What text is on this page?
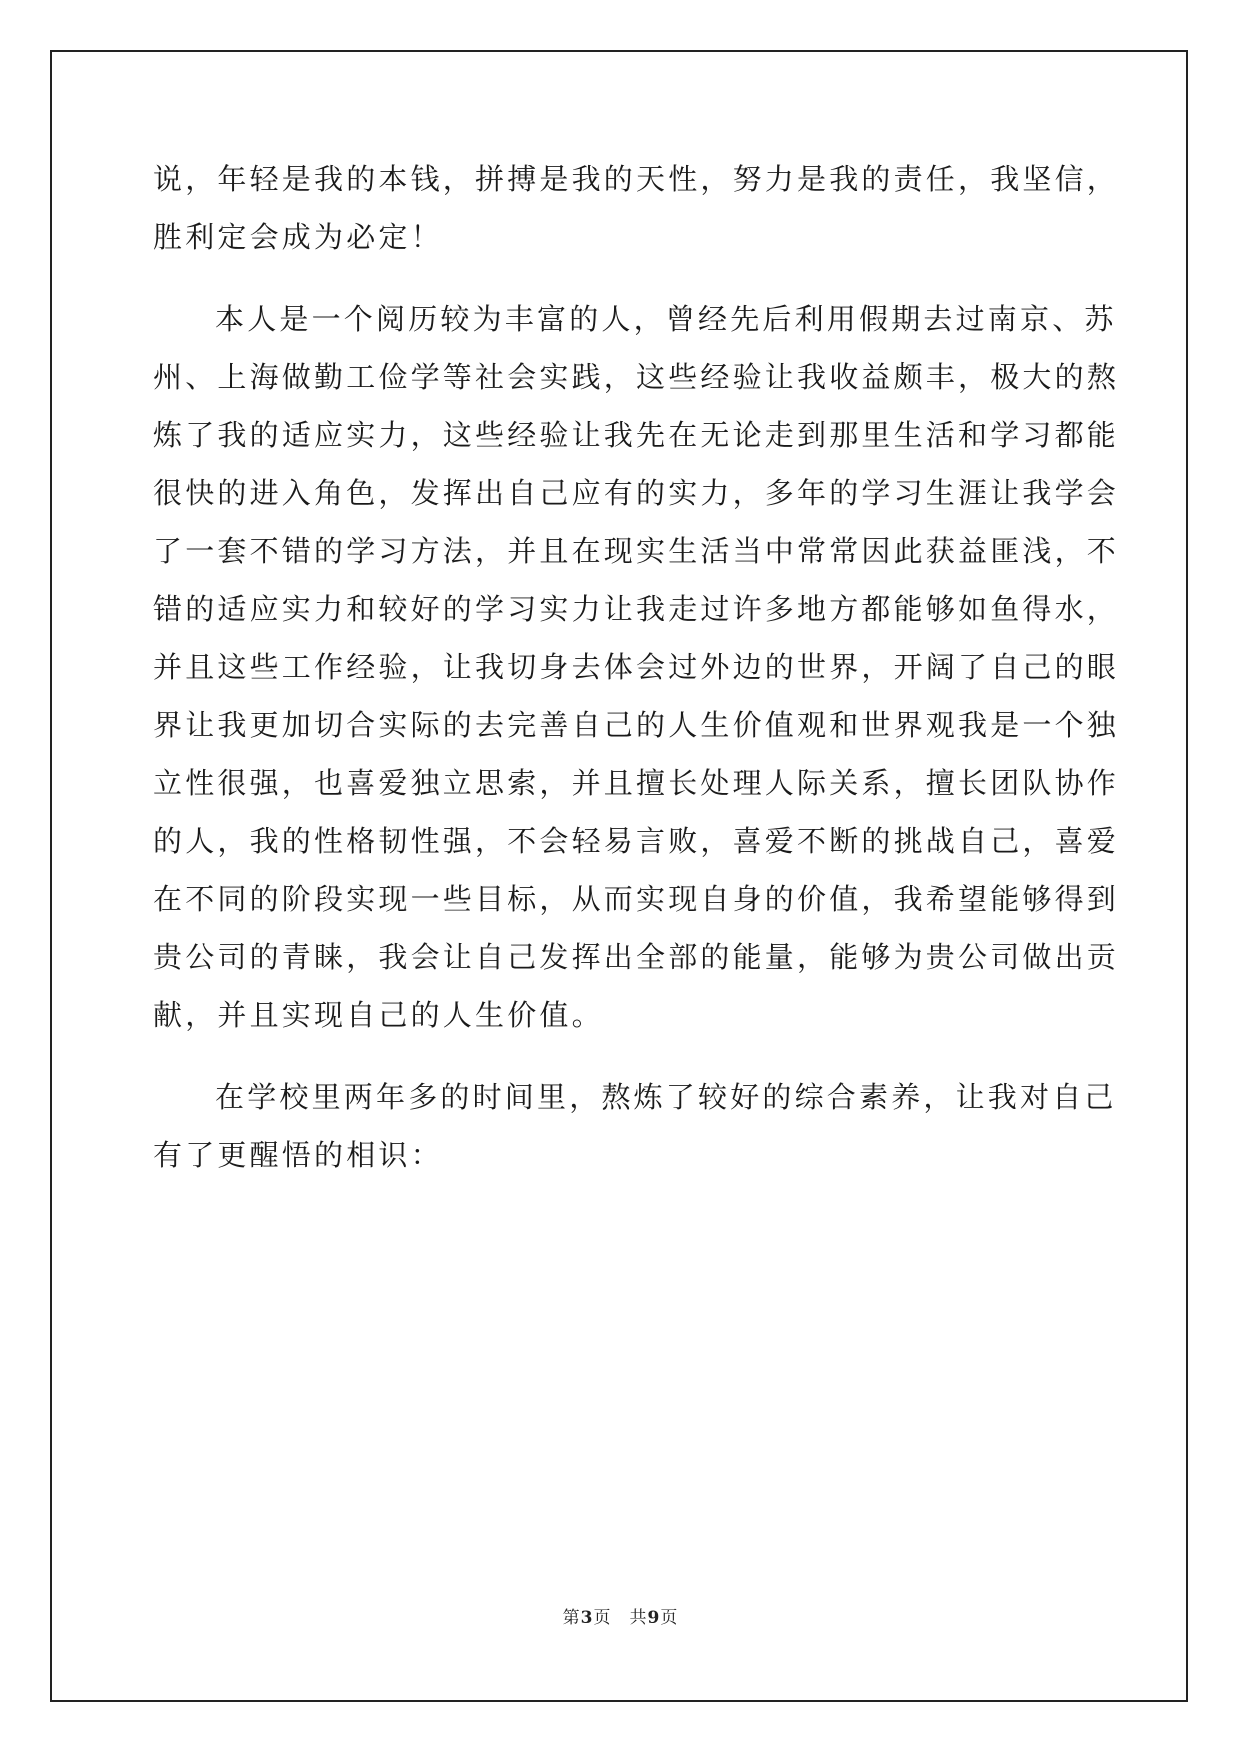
说，年轻是我的本钱，拼搏是我的天性，努力是我的责任，我坚信，
胜利定会成为必定！
本人是一个阅历较为丰富的人，曾经先后利用假期去过南京、苏
州、上海做勤工俭学等社会实践，这些经验让我收益颇丰，极大的熬
炼了我的适应实力，这些经验让我先在无论走到那里生活和学习都能
很快的进入角色，发挥出自己应有的实力，多年的学习生涯让我学会
了一套不错的学习方法，并且在现实生活当中常常因此获益匪浅，不
错的适应实力和较好的学习实力让我走过许多地方都能够如鱼得水，
并且这些工作经验，让我切身去体会过外边的世界，开阔了自己的眼
界让我更加切合实际的去完善自己的人生价值观和世界观我是一个独
立性很强，也喜爱独立思索，并且擅长处理人际关系，擅长团队协作
的人，我的性格韧性强，不会轻易言败，喜爱不断的挑战自己，喜爱
在不同的阶段实现一些目标，从而实现自身的价值，我希望能够得到
贵公司的青睐，我会让自己发挥出全部的能量，能够为贵公司做出贡
献，并且实现自己的人生价值。
在学校里两年多的时间里，熬炼了较好的综合素养，让我对自己
有了更醒悟的相识：
第3页 共9页
